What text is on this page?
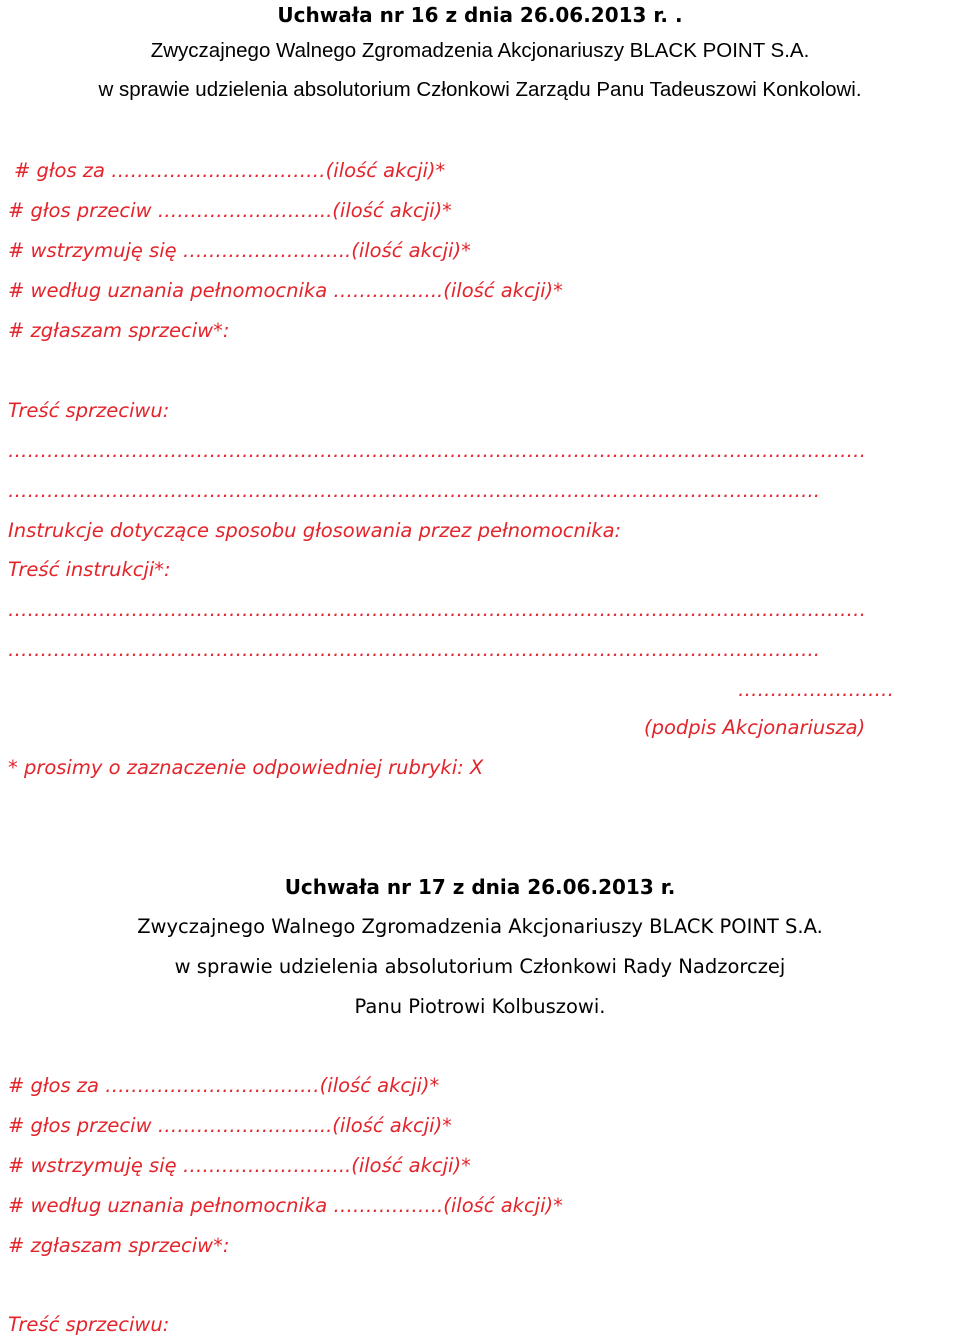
Uchwała nr 16 z dnia 26.06.2013 r. .
Zwyczajnego Walnego Zgromadzenia Akcjonariuszy BLACK POINT S.A.
w sprawie udzielenia absolutorium Członkowi Zarządu Panu Tadeuszowi Konkolowi.
# głos za ……………………………(ilość akcji)*
# głos przeciw ……………………...(ilość akcji)*
# wstrzymuję się ……………………..(ilość akcji)*
# według uznania pełnomocnika ……………..(ilość akcji)*
# zgłaszam sprzeciw*:
Treść sprzeciwu:
……………………………………………………………………………………………………………………
……………………………………………………………………………………………………………..
Instrukcje dotyczące sposobu głosowania przez pełnomocnika:
Treść instrukcji*:
……………………………………………………………………………………………………………………
……………………………………………………………………………………………………………..
……………………
(podpis Akcjonariusza)
* prosimy o zaznaczenie odpowiedniej rubryki: X
Uchwała nr 17 z dnia 26.06.2013 r.
Zwyczajnego Walnego Zgromadzenia Akcjonariuszy BLACK POINT S.A.
w sprawie udzielenia absolutorium Członkowi Rady Nadzorczej
Panu Piotrowi Kolbuszowi.
# głos za ……………………………(ilość akcji)*
# głos przeciw ……………………...(ilość akcji)*
# wstrzymuję się ……………………..(ilość akcji)*
# według uznania pełnomocnika ……………..(ilość akcji)*
# zgłaszam sprzeciw*:
Treść sprzeciwu:
